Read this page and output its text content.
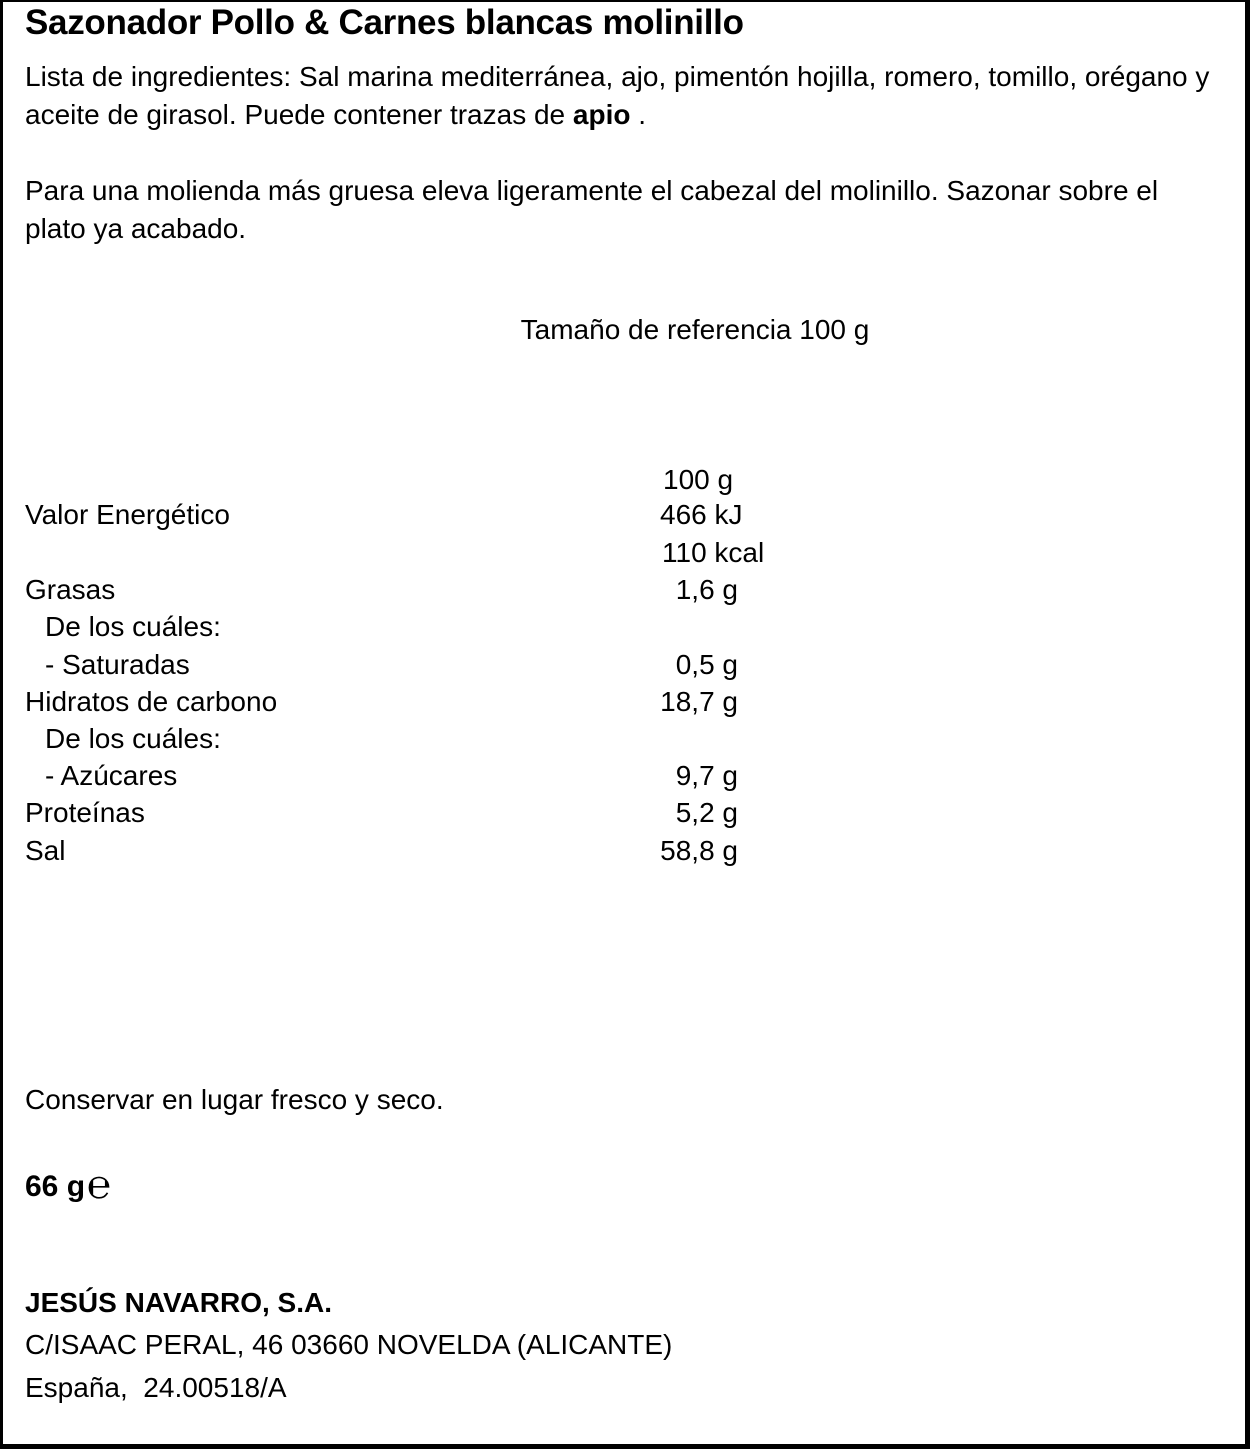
Sazonador Pollo & Carnes blancas molinillo

Lista de ingredientes: Sal marina mediterránea, ajo, pimentón hojilla, romero, tomillo, orégano y aceite de girasol. Puede contener trazas de apio .

Para una molienda más gruesa eleva ligeramente el cabezal del molinillo. Sazonar sobre el plato ya acabado.

Tamaño de referencia 100 g
100 g
Valor Energético	466 kJ
110 kcal
Grasas	1,6 g
De los cuáles:
- Saturadas	0,5 g
Hidratos de carbono	18,7 g
De los cuáles:
- Azúcares	9,7 g
Proteínas	5,2 g
Sal	58,8 g

Conservar en lugar fresco y seco.

66 g℮
JESÚS NAVARRO, S.A.
C/ISAAC PERAL, 46 03660 NOVELDA (ALICANTE)
España,  24.00518/A
